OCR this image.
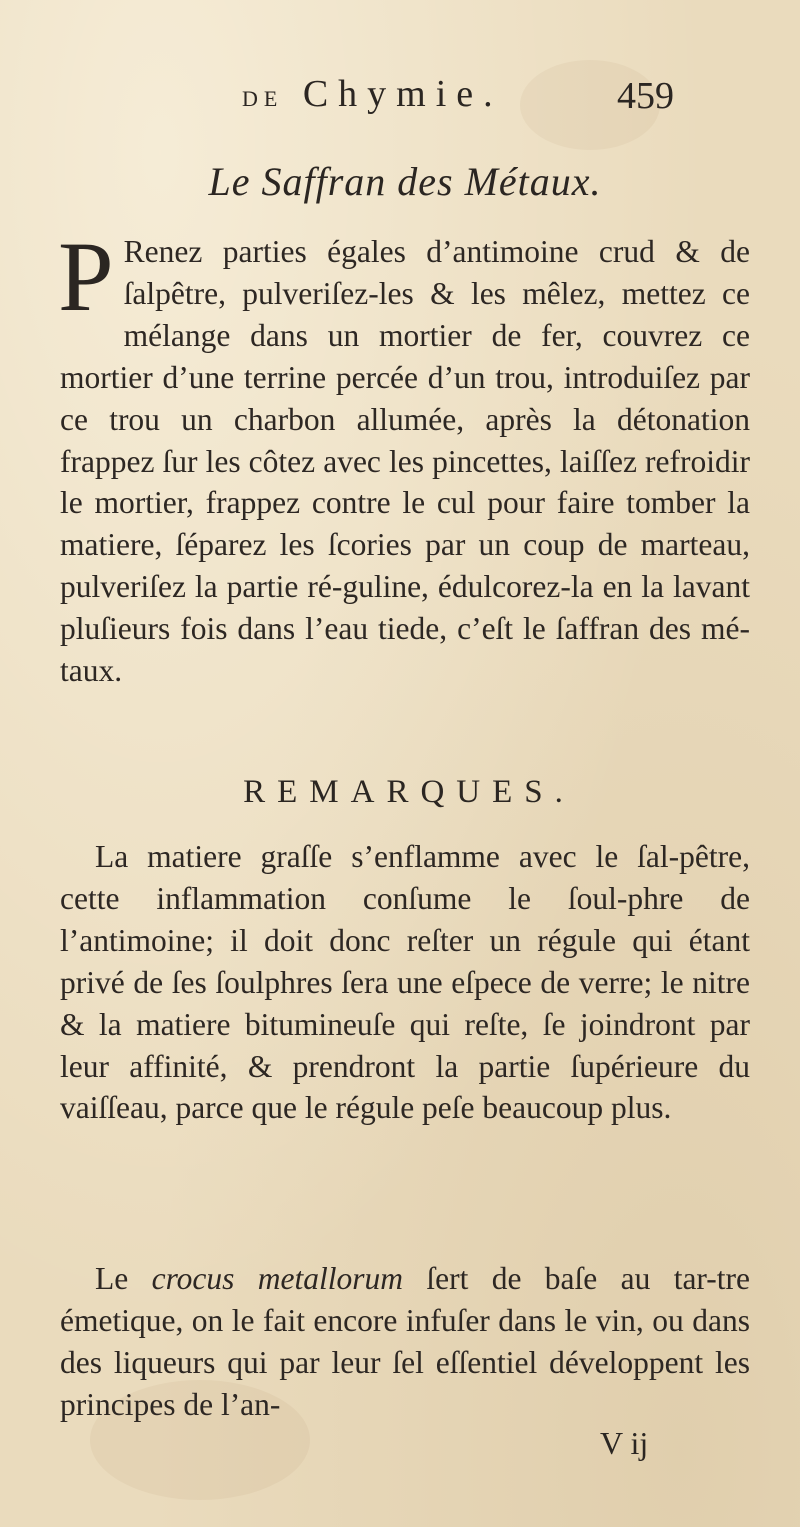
DE Chymie.	459
Le Saffran des Métaux.
P Renez parties égales d’antimoine crud & de ſalpêtre, pulveriſez-les & les mêlez, mettez ce mélange dans un mortier de fer, couvrez ce mortier d’une terrine percée d’un trou, introduiſez par ce trou un charbon allumée, après la détonation frappez ſur les côtez avec les pincettes, laiſſez refroidir le mortier, frappez contre le cul pour faire tomber la matiere, ſéparez les ſcories par un coup de marteau, pulveriſez la partie ré-guline, édulcorez-la en la lavant pluſieurs fois dans l’eau tiede, c’eſt le ſaffran des mé-taux.
REMARQUES.
La matiere graſſe s’enflamme avec le ſal-pêtre, cette inflammation conſume le ſoul-phre de l’antimoine; il doit donc reſter un régule qui étant privé de ſes ſoulphres ſera une eſpece de verre; le nitre & la matiere bitumineuſe qui reſte, ſe joindront par leur affinité, & prendront la partie ſupérieure du vaiſſeau, parce que le régule peſe beaucoup plus.
Le crocus metallorum ſert de baſe au tar-tre émetique, on le fait encore infuſer dans le vin, ou dans des liqueurs qui par leur ſel eſſentiel développent les principes de l’an-
V ij
